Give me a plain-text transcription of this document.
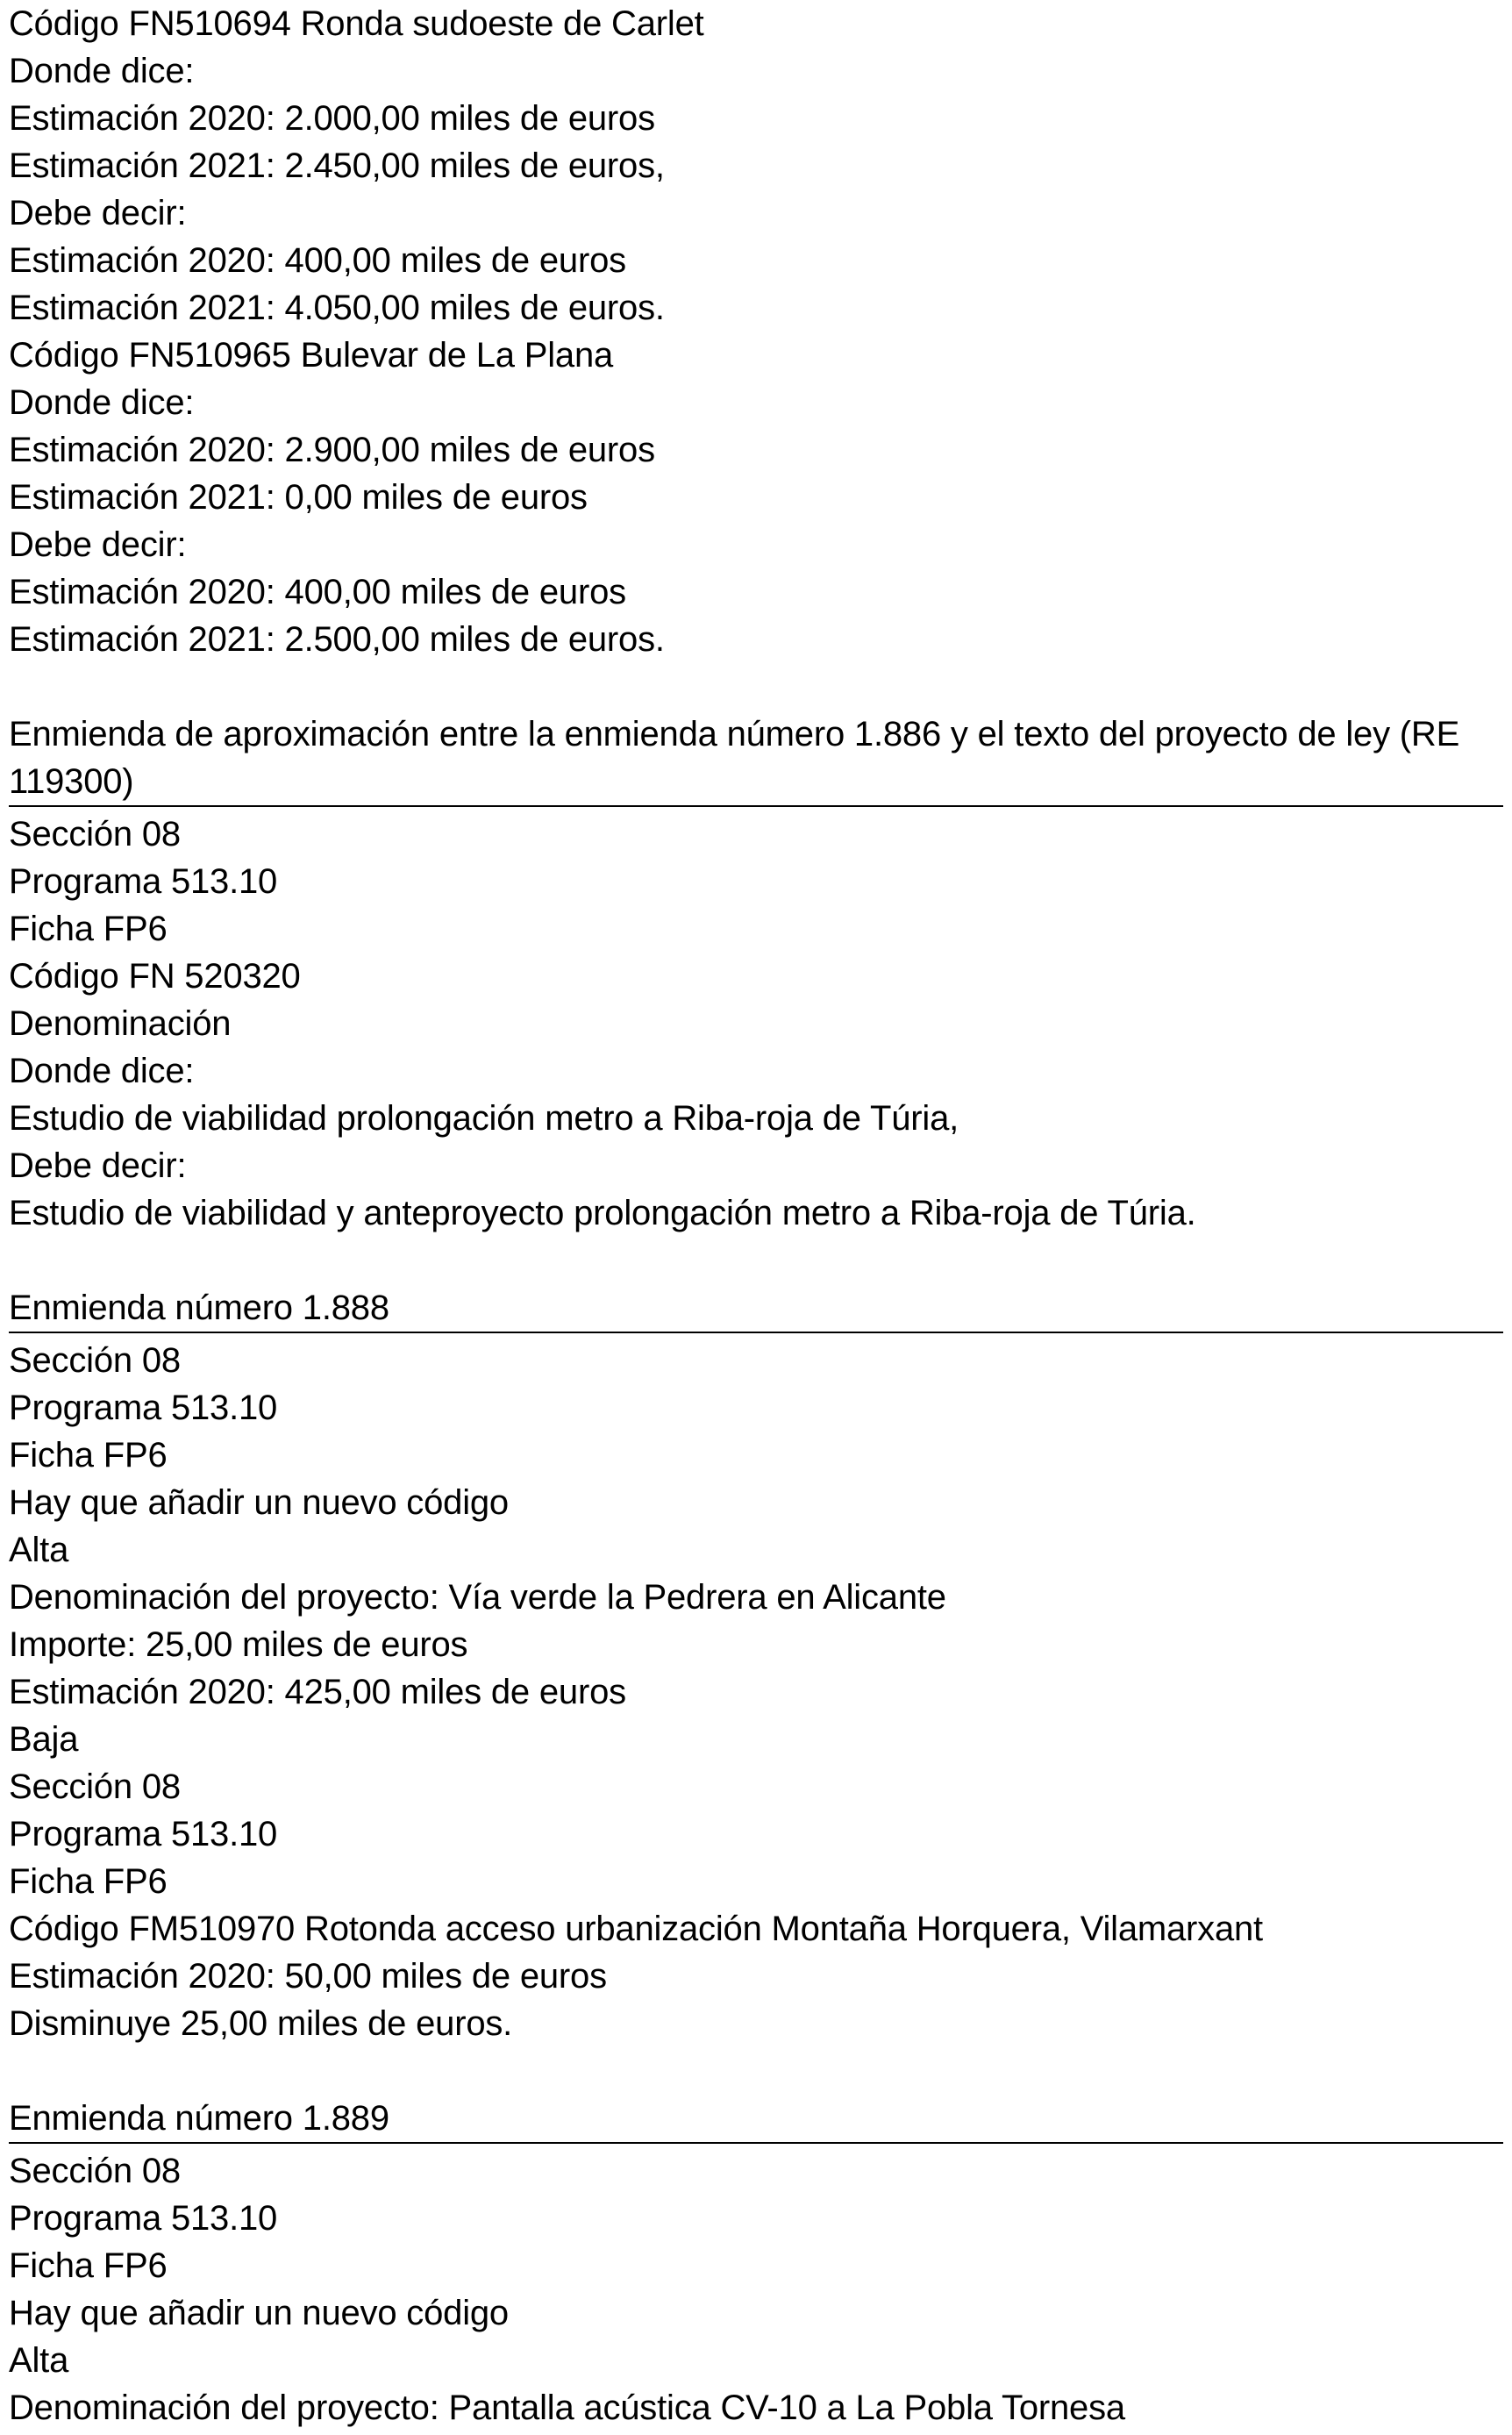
Código FN510694 Ronda sudoeste de Carlet
Donde dice:
Estimación 2020: 2.000,00 miles de euros
Estimación 2021: 2.450,00 miles de euros,
Debe decir:
Estimación 2020: 400,00 miles de euros
Estimación 2021: 4.050,00 miles de euros.
Código FN510965 Bulevar de La Plana
Donde dice:
Estimación 2020: 2.900,00 miles de euros
Estimación 2021: 0,00 miles de euros
Debe decir:
Estimación 2020: 400,00 miles de euros
Estimación 2021: 2.500,00 miles de euros.
Enmienda de aproximación entre la enmienda número 1.886 y el texto del proyecto de ley (RE
119300)
Sección 08
Programa 513.10
Ficha FP6
Código FN 520320
Denominación
Donde dice:
Estudio de viabilidad prolongación metro a Riba-roja de Túria,
Debe decir:
Estudio de viabilidad y anteproyecto prolongación metro a Riba-roja de Túria.
Enmienda número 1.888
Sección 08
Programa 513.10
Ficha FP6
Hay que añadir un nuevo código
Alta
Denominación del proyecto: Vía verde la Pedrera en Alicante
Importe: 25,00 miles de euros
Estimación 2020: 425,00 miles de euros
Baja
Sección 08
Programa 513.10
Ficha FP6
Código FM510970 Rotonda acceso urbanización Montaña Horquera, Vilamarxant
Estimación 2020: 50,00 miles de euros
Disminuye 25,00 miles de euros.
Enmienda número 1.889
Sección 08
Programa 513.10
Ficha FP6
Hay que añadir un nuevo código
Alta
Denominación del proyecto: Pantalla acústica CV-10 a La Pobla Tornesa
